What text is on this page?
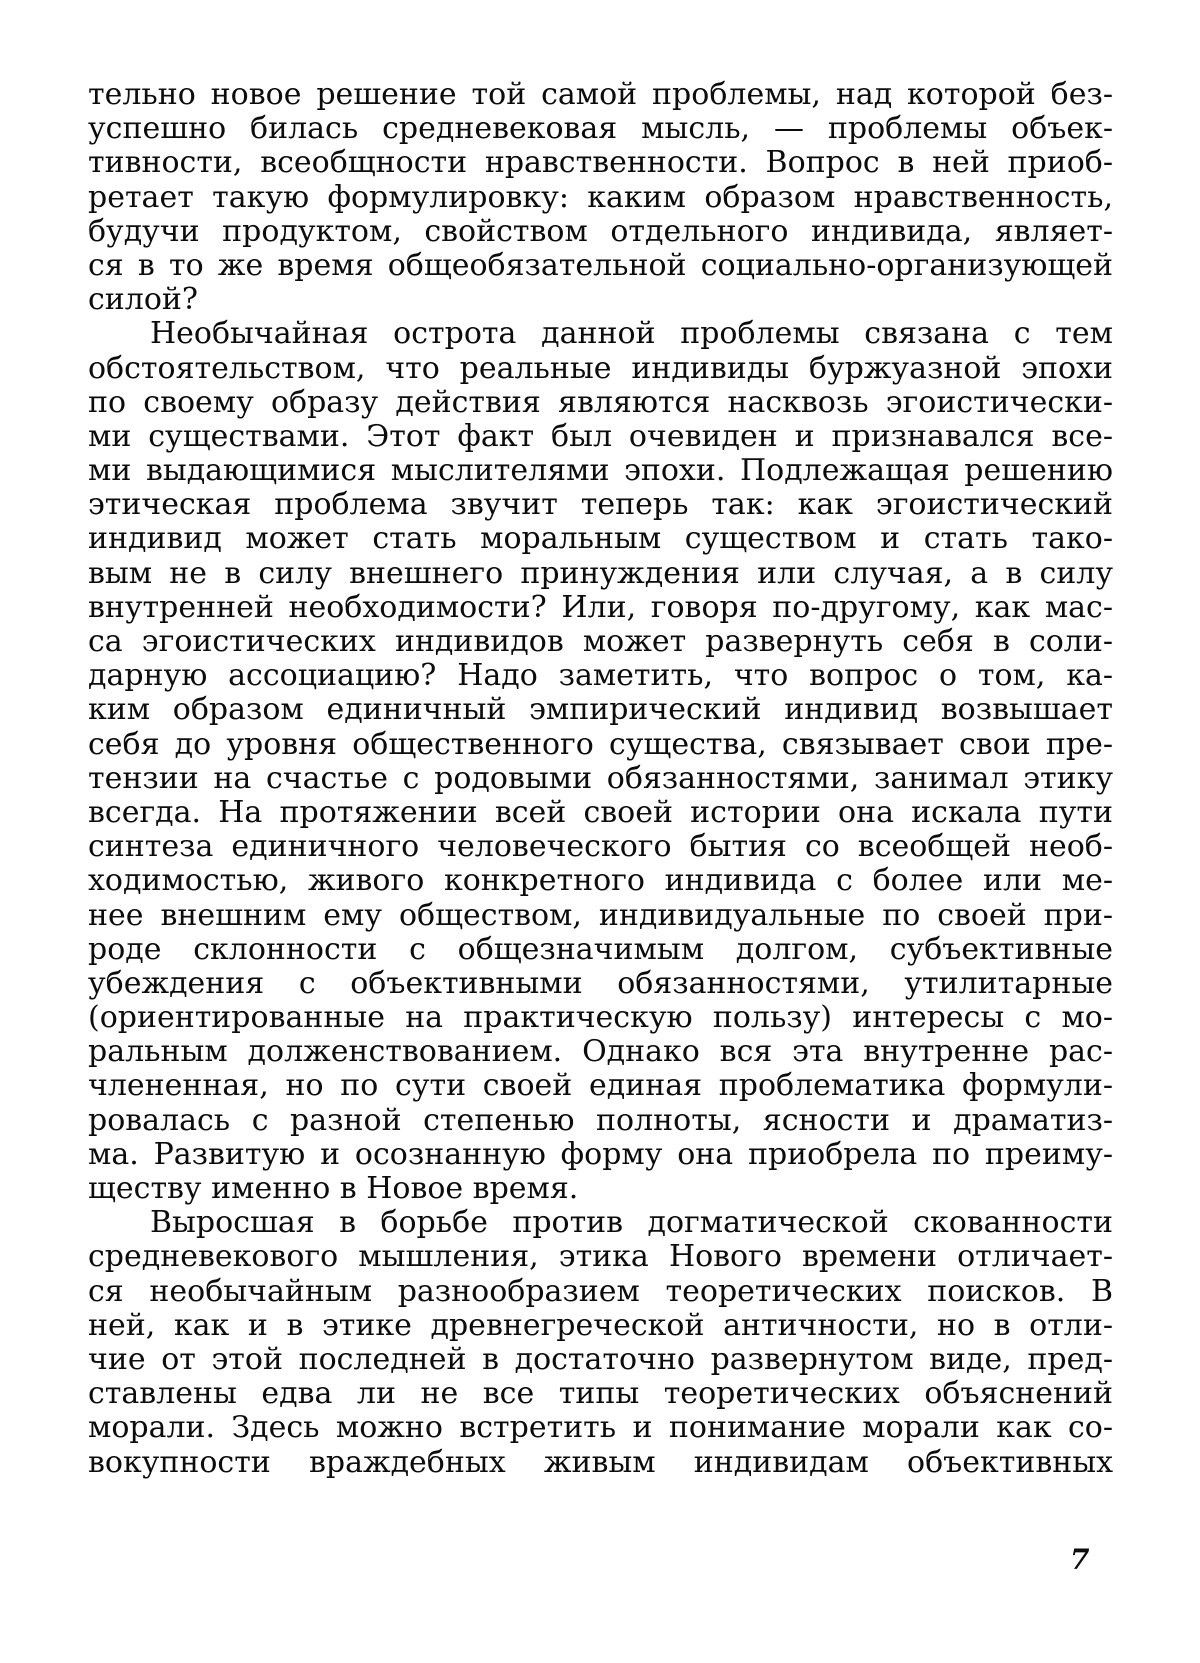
тельно новое решение той самой проблемы, над которой без-
успешно билась средневековая мысль, — проблемы объек-
тивности, всеобщности нравственности. Вопрос в ней приоб-
ретает такую формулировку: каким образом нравственность,
будучи продуктом, свойством отдельного индивида, являет-
ся в то же время общеобязательной социально-организующей
силой?
Необычайная острота данной проблемы связана с тем
обстоятельством, что реальные индивиды буржуазной эпохи
по своему образу действия являются насквозь эгоистически-
ми существами. Этот факт был очевиден и признавался все-
ми выдающимися мыслителями эпохи. Подлежащая решению
этическая проблема звучит теперь так: как эгоистический
индивид может стать моральным существом и стать тако-
вым не в силу внешнего принуждения или случая, а в силу
внутренней необходимости? Или, говоря по-другому, как мас-
са эгоистических индивидов может развернуть себя в соли-
дарную ассоциацию? Надо заметить, что вопрос о том, ка-
ким образом единичный эмпирический индивид возвышает
себя до уровня общественного существа, связывает свои пре-
тензии на счастье с родовыми обязанностями, занимал этику
всегда. На протяжении всей своей истории она искала пути
синтеза единичного человеческого бытия со всеобщей необ-
ходимостью, живого конкретного индивида с более или ме-
нее внешним ему обществом, индивидуальные по своей при-
роде склонности с общезначимым долгом, субъективные
убеждения с объективными обязанностями, утилитарные
(ориентированные на практическую пользу) интересы с мо-
ральным долженствованием. Однако вся эта внутренне рас-
члененная, но по сути своей единая проблематика формули-
ровалась с разной степенью полноты, ясности и драматиз-
ма. Развитую и осознанную форму она приобрела по преиму-
ществу именно в Новое время.
Выросшая в борьбе против догматической скованности
средневекового мышления, этика Нового времени отличает-
ся необычайным разнообразием теоретических поисков. В
ней, как и в этике древнегреческой античности, но в отли-
чие от этой последней в достаточно развернутом виде, пред-
ставлены едва ли не все типы теоретических объяснений
морали. Здесь можно встретить и понимание морали как со-
вокупности враждебных живым индивидам объективных
7
